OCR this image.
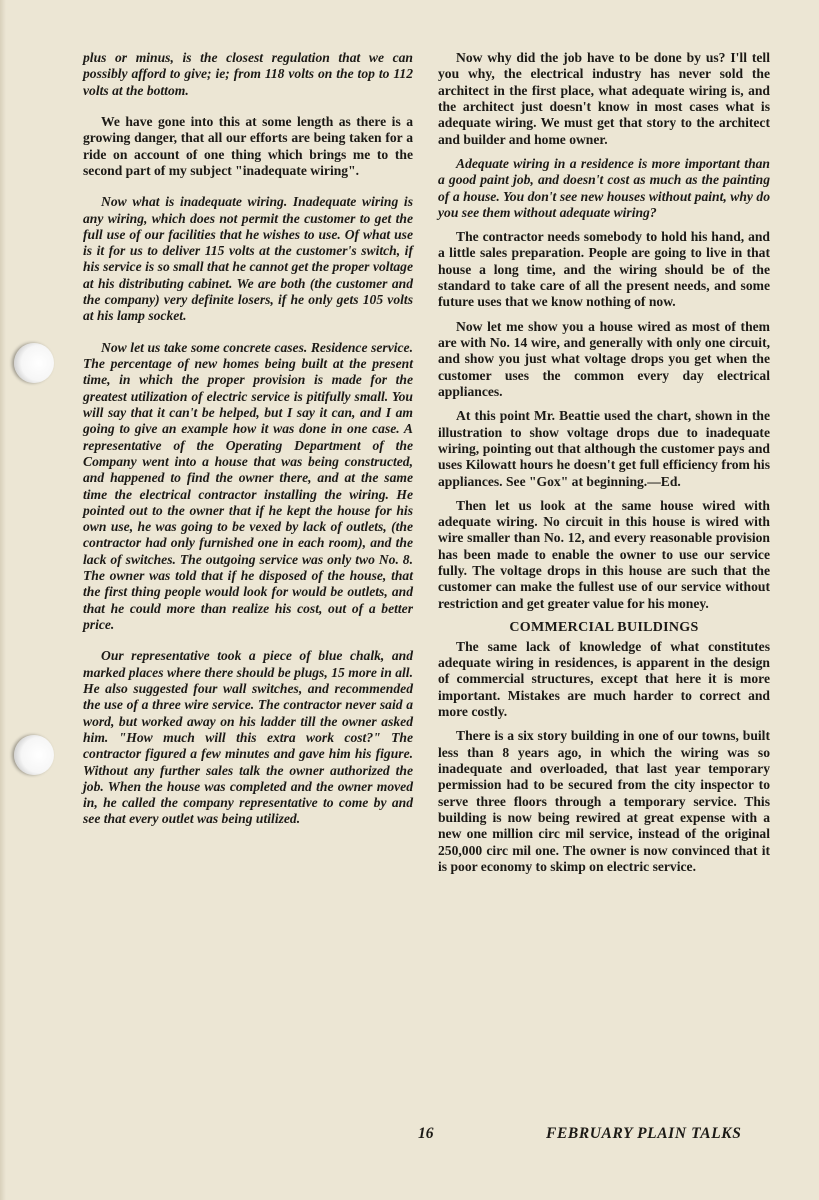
plus or minus, is the closest regulation that we can possibly afford to give; ie; from 118 volts on the top to 112 volts at the bottom.

We have gone into this at some length as there is a growing danger, that all our efforts are being taken for a ride on account of one thing which brings me to the second part of my subject "inadequate wiring".

Now what is inadequate wiring. Inadequate wiring is any wiring, which does not permit the customer to get the full use of our facilities that he wishes to use. Of what use is it for us to deliver 115 volts at the customer's switch, if his service is so small that he cannot get the proper voltage at his distributing cabinet. We are both (the customer and the company) very definite losers, if he only gets 105 volts at his lamp socket.

Now let us take some concrete cases. Residence service. The percentage of new homes being built at the present time, in which the proper provision is made for the greatest utilization of electric service is pitifully small. You will say that it can't be helped, but I say it can, and I am going to give an example how it was done in one case. A representative of the Operating Department of the Company went into a house that was being constructed, and happened to find the owner there, and at the same time the electrical contractor installing the wiring. He pointed out to the owner that if he kept the house for his own use, he was going to be vexed by lack of outlets, (the contractor had only furnished one in each room), and the lack of switches. The outgoing service was only two No. 8. The owner was told that if he disposed of the house, that the first thing people would look for would be outlets, and that he could more than realize his cost, out of a better price.

Our representative took a piece of blue chalk, and marked places where there should be plugs, 15 more in all. He also suggested four wall switches, and recommended the use of a three wire service. The contractor never said a word, but worked away on his ladder till the owner asked him. "How much will this extra work cost?" The contractor figured a few minutes and gave him his figure. Without any further sales talk the owner authorized the job. When the house was completed and the owner moved in, he called the company representative to come by and see that every outlet was being utilized.

Now why did the job have to be done by us? I'll tell you why, the electrical industry has never sold the architect in the first place, what adequate wiring is, and the architect just doesn't know in most cases what is adequate wiring. We must get that story to the architect and builder and home owner.

Adequate wiring in a residence is more important than a good paint job, and doesn't cost as much as the painting of a house. You don't see new houses without paint, why do you see them without adequate wiring?

The contractor needs somebody to hold his hand, and a little sales preparation. People are going to live in that house a long time, and the wiring should be of the standard to take care of all the present needs, and some future uses that we know nothing of now.

Now let me show you a house wired as most of them are with No. 14 wire, and generally with only one circuit, and show you just what voltage drops you get when the customer uses the common every day electrical appliances.

At this point Mr. Beattie used the chart, shown in the illustration to show voltage drops due to inadequate wiring, pointing out that although the customer pays and uses Kilowatt hours he doesn't get full efficiency from his appliances. See "Gox" at beginning.—Ed.

Then let us look at the same house wired with adequate wiring. No circuit in this house is wired with wire smaller than No. 12, and every reasonable provision has been made to enable the owner to use our service fully. The voltage drops in this house are such that the customer can make the fullest use of our service without restriction and get greater value for his money.

COMMERCIAL BUILDINGS

The same lack of knowledge of what constitutes adequate wiring in residences, is apparent in the design of commercial structures, except that here it is more important. Mistakes are much harder to correct and more costly.

There is a six story building in one of our towns, built less than 8 years ago, in which the wiring was so inadequate and overloaded, that last year temporary permission had to be secured from the city inspector to serve three floors through a temporary service. This building is now being rewired at great expense with a new one million circ mil service, instead of the original 250,000 circ mil one. The owner is now convinced that it is poor economy to skimp on electric service.

16	FEBRUARY PLAIN TALKS
